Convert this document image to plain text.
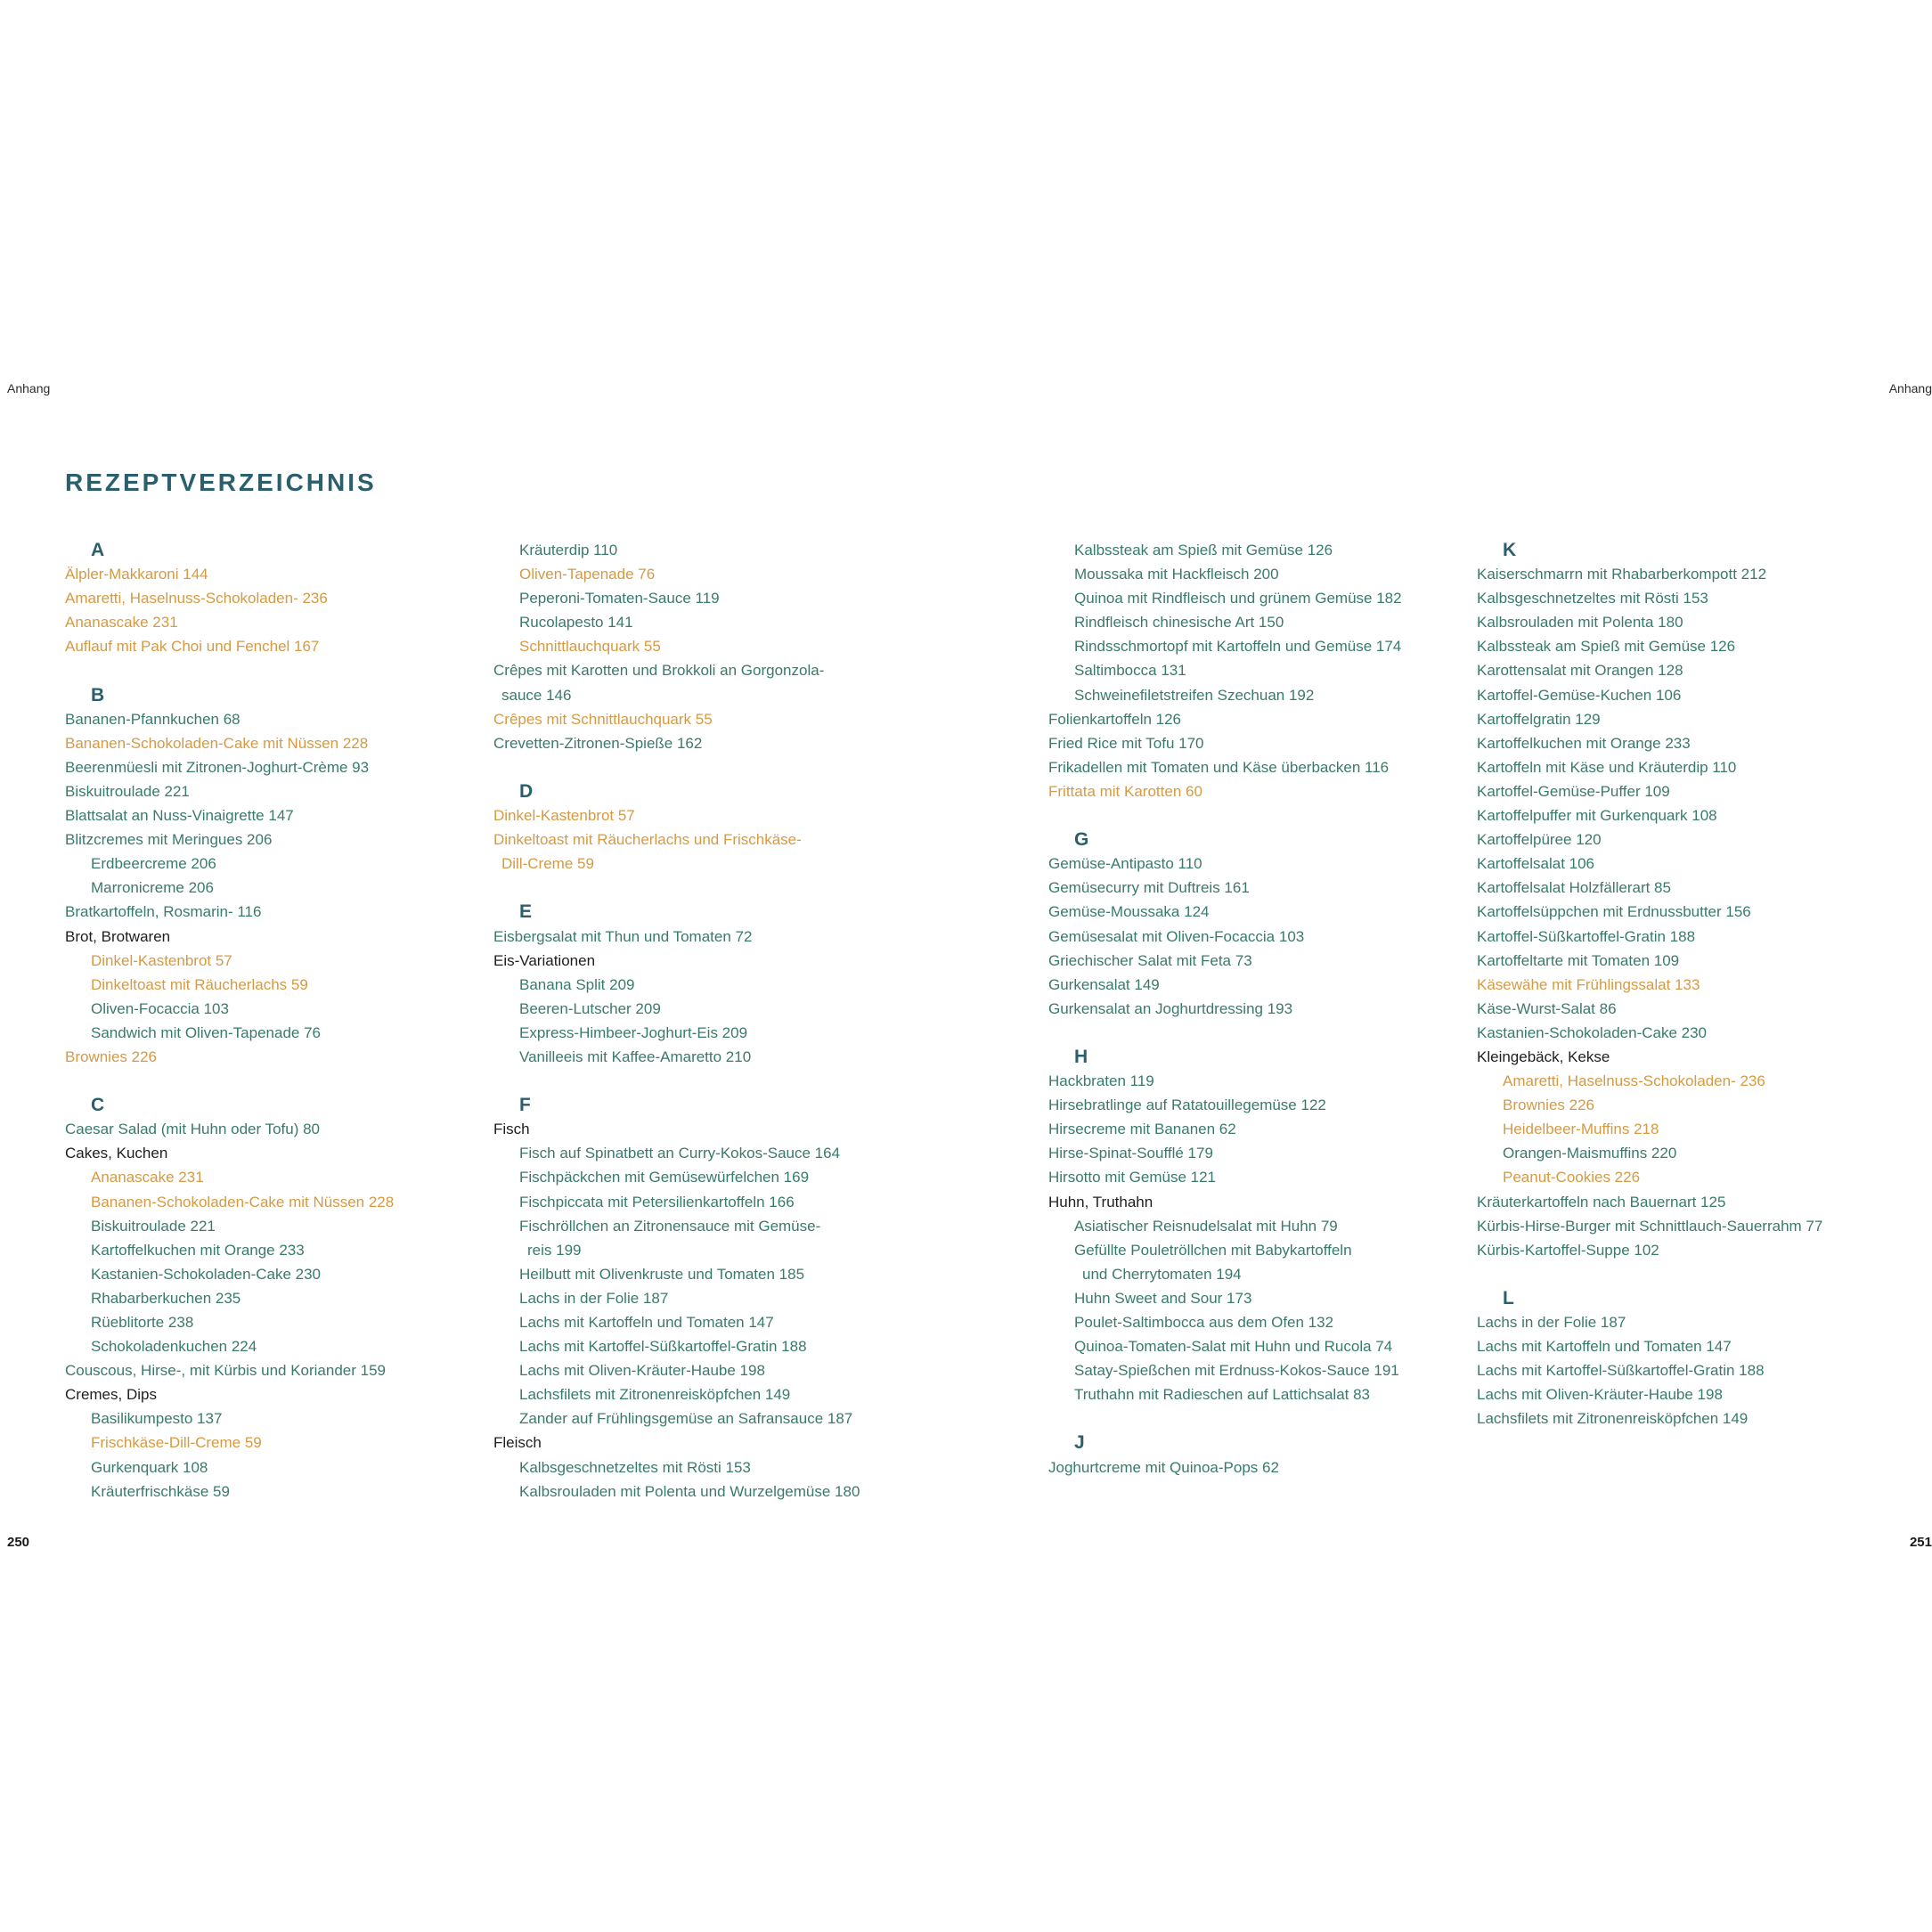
Anhang	Anhang
REZEPTVERZEICHNIS
A
Älpler-Makkaroni 144
Amaretti, Haselnuss-Schokoladen- 236
Ananascake 231
Auflauf mit Pak Choi und Fenchel 167
B
Bananen-Pfannkuchen 68
Bananen-Schokoladen-Cake mit Nüssen 228
Beerenmüesli mit Zitronen-Joghurt-Crème 93
Biskuitroulade 221
Blattsalat an Nuss-Vinaigrette 147
Blitzcremes mit Meringues 206
Erdbeercreme 206
Marronicreme 206
Bratkartoffeln, Rosmarin- 116
Brot, Brotwaren
Dinkel-Kastenbrot 57
Dinkeltoast mit Räucherlachs 59
Oliven-Focaccia 103
Sandwich mit Oliven-Tapenade 76
Brownies 226
C
Caesar Salad (mit Huhn oder Tofu) 80
Cakes, Kuchen
Ananascake 231
Bananen-Schokoladen-Cake mit Nüssen 228
Biskuitroulade 221
Kartoffelkuchen mit Orange 233
Kastanien-Schokoladen-Cake 230
Rhabarberkuchen 235
Rüeblitorte 238
Schokoladenkuchen 224
Couscous, Hirse-, mit Kürbis und Koriander 159
Cremes, Dips
Basilikumpesto 137
Frischkäse-Dill-Creme 59
Gurkenquark 108
Kräuterfrischkäse 59
Kräuterdip 110
Oliven-Tapenade 76
Peperoni-Tomaten-Sauce 119
Rucolapesto 141
Schnittlauchquark 55
Crêpes mit Karotten und Brokkoli an Gorgonzola-
sauce 146
Crêpes mit Schnittlauchquark 55
Crevetten-Zitronen-Spieße 162
D
Dinkel-Kastenbrot 57
Dinkeltoast mit Räucherlachs und Frischkäse-
Dill-Creme 59
E
Eisbergsalat mit Thun und Tomaten 72
Eis-Variationen
Banana Split 209
Beeren-Lutscher 209
Express-Himbeer-Joghurt-Eis 209
Vanilleeis mit Kaffee-Amaretto 210
F
Fisch
Fisch auf Spinatbett an Curry-Kokos-Sauce 164
Fischpäckchen mit Gemüsewürfelchen 169
Fischpiccata mit Petersilienkartoffeln 166
Fischröllchen an Zitronensauce mit Gemüse-
reis 199
Heilbutt mit Olivenkruste und Tomaten 185
Lachs in der Folie 187
Lachs mit Kartoffeln und Tomaten 147
Lachs mit Kartoffel-Süßkartoffel-Gratin 188
Lachs mit Oliven-Kräuter-Haube 198
Lachsfilets mit Zitronenreisköpfchen 149
Zander auf Frühlingsgemüse an Safransauce 187
Fleisch
Kalbsgeschnetzeltes mit Rösti 153
Kalbsrouladen mit Polenta und Wurzelgemüse 180
Kalbssteak am Spieß mit Gemüse 126
Moussaka mit Hackfleisch 200
Quinoa mit Rindfleisch und grünem Gemüse 182
Rindfleisch chinesische Art 150
Rindsschmortopf mit Kartoffeln und Gemüse 174
Saltimbocca 131
Schweinefiletstreifen Szechuan 192
Folienkartoffeln 126
Fried Rice mit Tofu 170
Frikadellen mit Tomaten und Käse überbacken 116
Frittata mit Karotten 60
G
Gemüse-Antipasto 110
Gemüsecurry mit Duftreis 161
Gemüse-Moussaka 124
Gemüsesalat mit Oliven-Focaccia 103
Griechischer Salat mit Feta 73
Gurkensalat 149
Gurkensalat an Joghurtdressing 193
H
Hackbraten 119
Hirsebratlinge auf Ratatouillegemüse 122
Hirsecreme mit Bananen 62
Hirse-Spinat-Soufflé 179
Hirsotto mit Gemüse 121
Huhn, Truthahn
Asiatischer Reisnudelsalat mit Huhn 79
Gefüllte Pouletröllchen mit Babykartoffeln
und Cherrytomaten 194
Huhn Sweet and Sour 173
Poulet-Saltimbocca aus dem Ofen 132
Quinoa-Tomaten-Salat mit Huhn und Rucola 74
Satay-Spießchen mit Erdnuss-Kokos-Sauce 191
Truthahn mit Radieschen auf Lattichsalat 83
J
Joghurtcreme mit Quinoa-Pops 62
K
Kaiserschmarrn mit Rhabarberkompott 212
Kalbsgeschnetzeltes mit Rösti 153
Kalbsrouladen mit Polenta 180
Kalbssteak am Spieß mit Gemüse 126
Karottensalat mit Orangen 128
Kartoffel-Gemüse-Kuchen 106
Kartoffelgratin 129
Kartoffelkuchen mit Orange 233
Kartoffeln mit Käse und Kräuterdip 110
Kartoffel-Gemüse-Puffer 109
Kartoffelpuffer mit Gurkenquark 108
Kartoffelpüree 120
Kartoffelsalat 106
Kartoffelsalat Holzfällerart 85
Kartoffelsüppchen mit Erdnussbutter 156
Kartoffel-Süßkartoffel-Gratin 188
Kartoffeltarte mit Tomaten 109
Käsewähe mit Frühlingssalat 133
Käse-Wurst-Salat 86
Kastanien-Schokoladen-Cake 230
Kleingebäck, Kekse
Amaretti, Haselnuss-Schokoladen- 236
Brownies 226
Heidelbeer-Muffins 218
Orangen-Maismuffins 220
Peanut-Cookies 226
Kräuterkartoffeln nach Bauernart 125
Kürbis-Hirse-Burger mit Schnittlauch-Sauerrahm 77
Kürbis-Kartoffel-Suppe 102
L
Lachs in der Folie 187
Lachs mit Kartoffeln und Tomaten 147
Lachs mit Kartoffel-Süßkartoffel-Gratin 188
Lachs mit Oliven-Kräuter-Haube 198
Lachsfilets mit Zitronenreisköpfchen 149
250	251
